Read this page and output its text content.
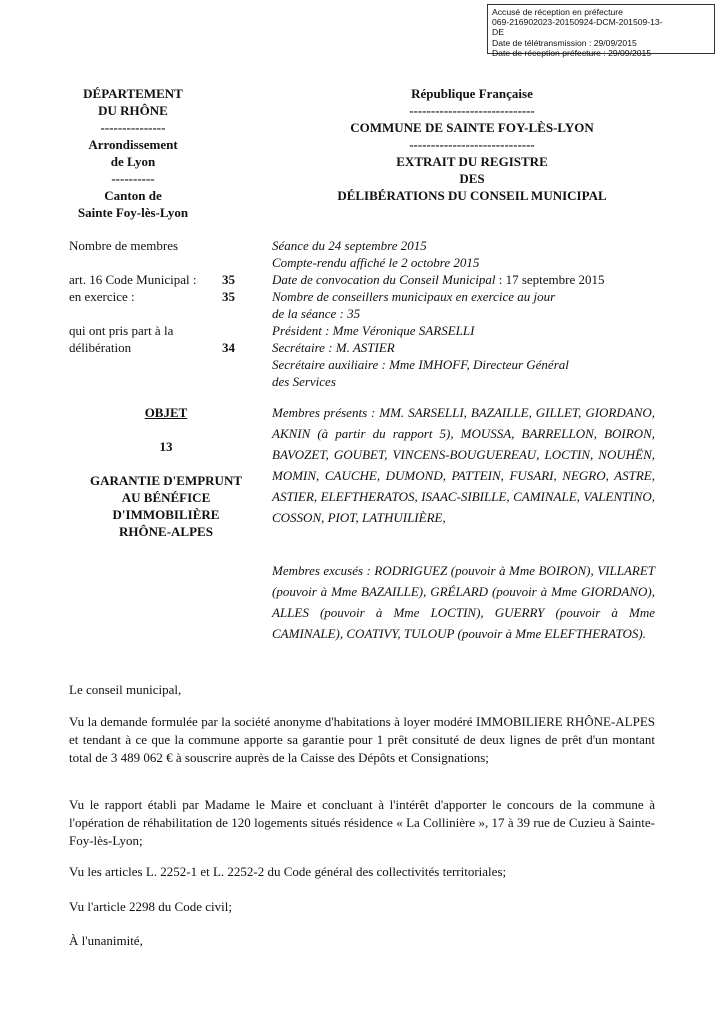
Accusé de réception en préfecture
069-216902023-20150924-DCM-201509-13-
DE
Date de télétransmission : 29/09/2015
Date de réception préfecture : 29/09/2015
DÉPARTEMENT
DU RHÔNE
---------------
Arrondissement
de Lyon
----------
Canton de
Sainte Foy-lès-Lyon
République Française
-----------------------------
COMMUNE DE SAINTE FOY-LÈS-LYON
-----------------------------
EXTRAIT DU REGISTRE
DES
DÉLIBÉRATIONS DU CONSEIL MUNICIPAL
Nombre de membres
art. 16 Code Municipal : 35
en exercice :	35
qui ont pris part à la
délibération	34
Séance du 24 septembre 2015
Compte-rendu affiché le 2 octobre 2015
Date de convocation du Conseil Municipal : 17 septembre 2015
Nombre de conseillers municipaux en exercice au jour
de la séance : 35
Président : Mme Véronique SARSELLI
Secrétaire : M. ASTIER
Secrétaire auxiliaire : Mme IMHOFF, Directeur Général
des Services
OBJET
13
GARANTIE D'EMPRUNT
AU BÉNÉFICE
D'IMMOBILIÈRE
RHÔNE-ALPES
Membres présents : MM. SARSELLI, BAZAILLE, GILLET, GIORDANO, AKNIN (à partir du rapport 5), MOUSSA, BARRELLON, BOIRON, BAVOZET, GOUBET, VINCENS-BOUGUEREAU, LOCTIN, NOUHËN, MOMIN, CAUCHE, DUMOND, PATTEIN, FUSARI, NEGRO, ASTRE, ASTIER, ELEFTHERATOS, ISAAC-SIBILLE, CAMINALE, VALENTINO, COSSON, PIOT, LATHUILIÈRE,
Membres excusés : RODRIGUEZ (pouvoir à Mme BOIRON), VILLARET (pouvoir à Mme BAZAILLE), GRÉLARD (pouvoir à Mme GIORDANO), ALLES (pouvoir à Mme LOCTIN), GUERRY (pouvoir à Mme CAMINALE), COATIVY, TULOUP (pouvoir à Mme ELEFTHERATOS).
Le conseil municipal,
Vu la demande formulée par la société anonyme d'habitations à loyer modéré IMMOBILIERE RHÔNE-ALPES et tendant à ce que la commune apporte sa garantie pour 1 prêt consituté de deux lignes de prêt d'un montant total de 3 489 062 € à souscrire auprès de la Caisse des Dépôts et Consignations;
Vu le rapport établi par Madame le Maire et concluant à l'intérêt d'apporter le concours de la commune à l'opération de réhabilitation de 120 logements situés résidence « La Collinière », 17 à 39 rue de Cuzieu à Sainte-Foy-lès-Lyon;
Vu les articles L. 2252-1 et L. 2252-2 du Code général des collectivités territoriales;
Vu l'article 2298 du Code civil;
À l'unanimité,
